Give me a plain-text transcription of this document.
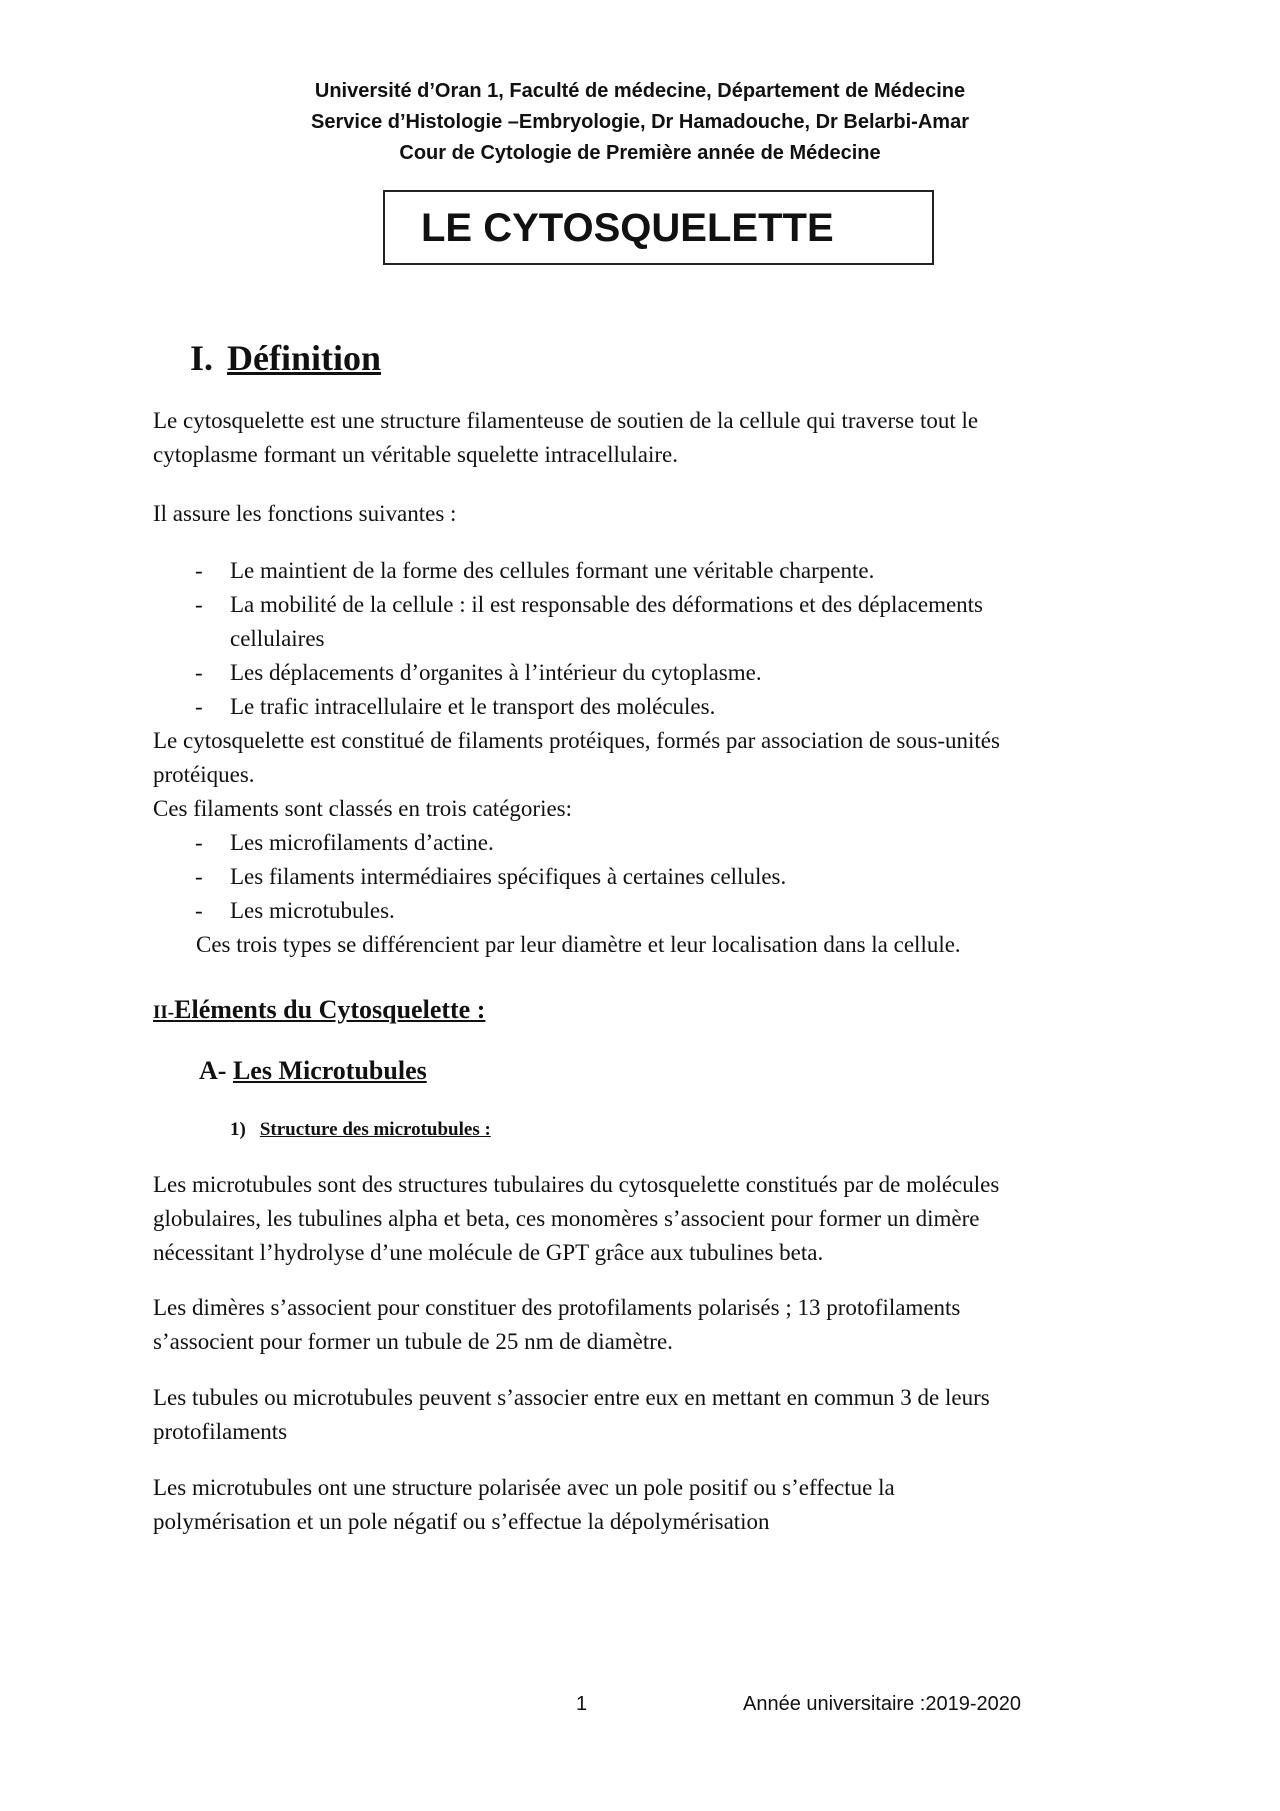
Université d’Oran 1, Faculté de médecine, Département de Médecine
Service d’Histologie –Embryologie, Dr Hamadouche, Dr Belarbi-Amar
Cour de Cytologie de Première année de Médecine
LE CYTOSQUELETTE
I. Définition
Le cytosquelette est une structure filamenteuse de soutien de la cellule qui traverse tout le
cytoplasme formant un véritable squelette intracellulaire.
Il assure les fonctions suivantes :
-	Le maintient de la forme des cellules formant une véritable charpente.
-	La mobilité de la cellule : il est responsable des déformations et des déplacements
cellulaires
-	Les déplacements d’organites à l’intérieur du cytoplasme.
-	Le trafic intracellulaire et le transport des molécules.
Le cytosquelette est constitué de filaments protéiques, formés par association de sous-unités
protéiques.
Ces filaments sont classés en trois catégories:
-	Les microfilaments d’actine.
-	Les filaments intermédiaires spécifiques à certaines cellules.
-	Les microtubules.
Ces trois types se différencient par leur diamètre et leur localisation dans la cellule.
II-Eléments du Cytosquelette :
A- Les Microtubules
1) Structure des microtubules :
Les microtubules sont des structures tubulaires du cytosquelette constitués par de molécules
globulaires, les tubulines alpha et beta, ces monomères s’associent pour former un dimère
nécessitant l’hydrolyse d’une molécule de GPT grâce aux tubulines beta.
Les dimères s’associent pour constituer des protofilaments polarisés ; 13 protofilaments
s’associent pour former un tubule de 25 nm de diamètre.
Les tubules ou microtubules peuvent s’associer entre eux en mettant en commun 3 de leurs
protofilaments
Les microtubules ont une structure polarisée avec un pole positif ou s’effectue la
polymérisation et un pole négatif ou s’effectue la dépolymérisation
1	Année universitaire :2019-2020
